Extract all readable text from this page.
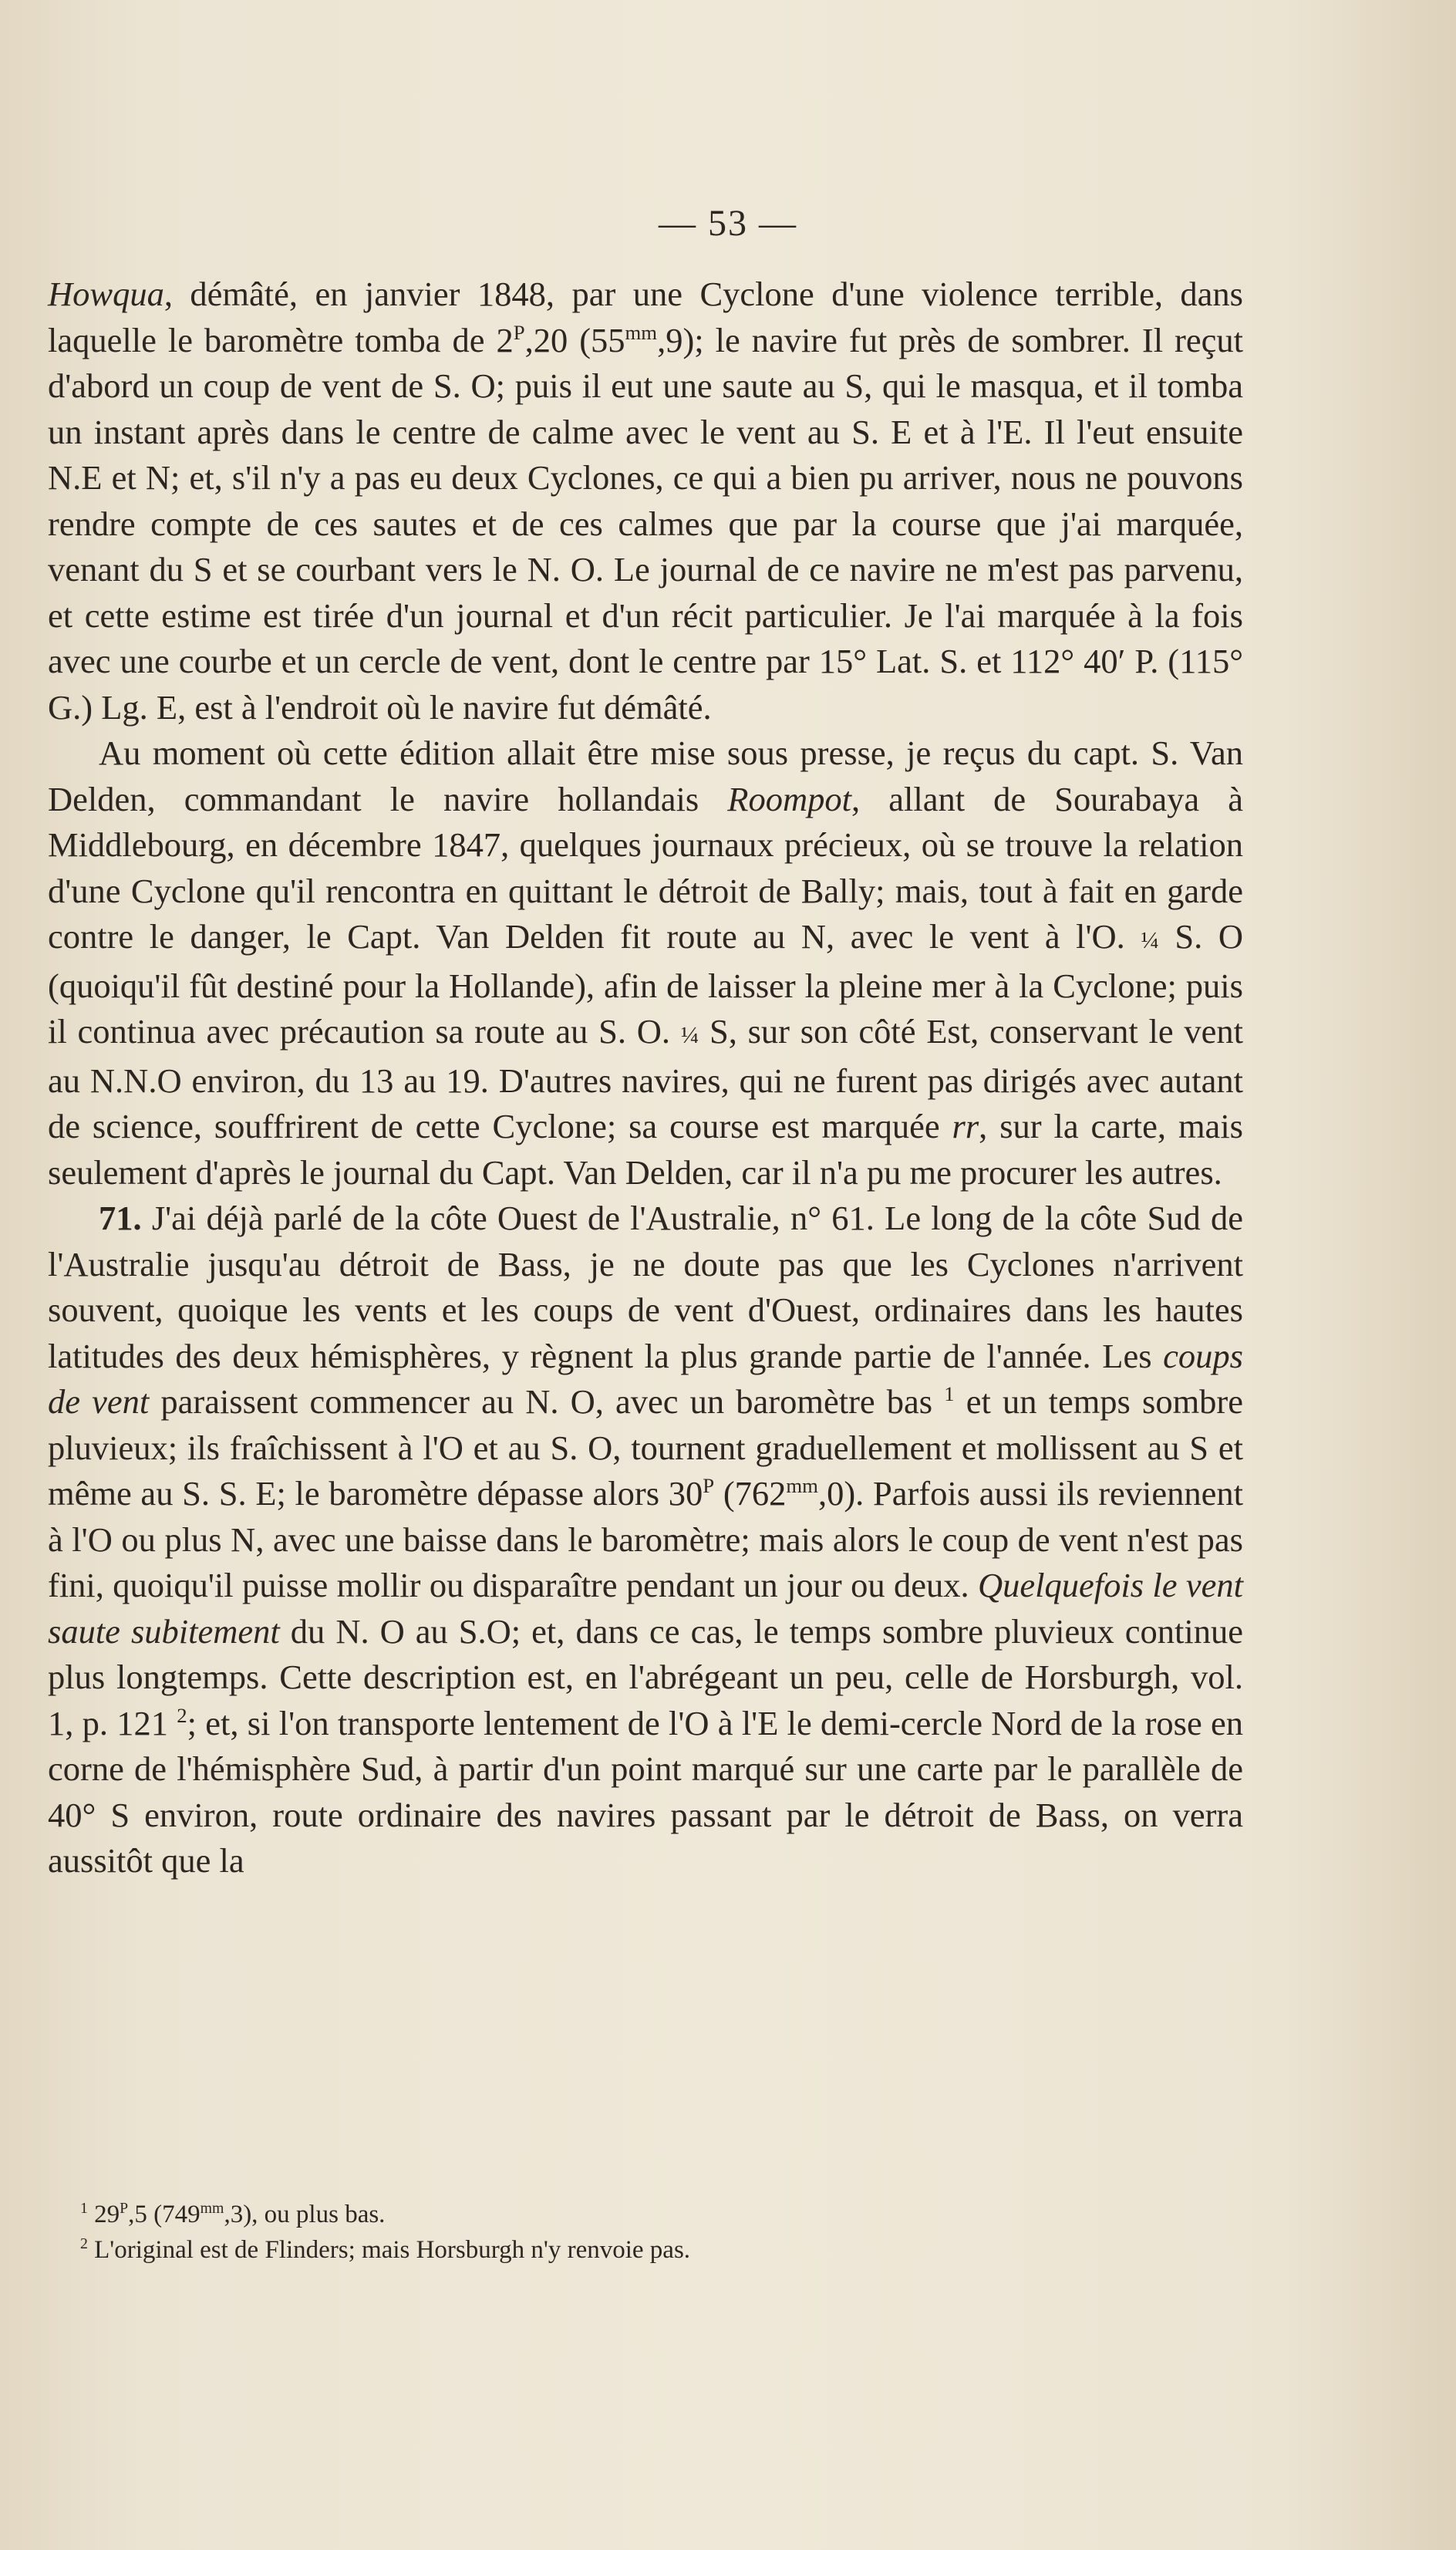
— 53 —

Howqua, démâté, en janvier 1848, par une Cyclone d'une violence terrible, dans laquelle le baromètre tomba de $2^P,20$ $(55^{mm},9)$; le navire fut près de sombrer. Il reçut d'abord un coup de vent de S. O; puis il eut une saute au S, qui le masqua, et il tomba un instant après dans le centre de calme avec le vent au S. E et à l'E. Il l'eut ensuite N.E et N; et, s'il n'y a pas eu deux Cyclones, ce qui a bien pu arriver, nous ne pouvons rendre compte de ces sautes et de ces calmes que par la course que j'ai marquée, venant du S et se courbant vers le N. O. Le journal de ce navire ne m'est pas parvenu, et cette estime est tirée d'un journal et d'un récit particulier. Je l'ai marquée à la fois avec une courbe et un cercle de vent, dont le centre par 15° Lat. S. et 112° 40′ P. (115° G.) Lg. E, est à l'endroit où le navire fut démâté.

Au moment où cette édition allait être mise sous presse, je reçus du capt. S. Van Delden, commandant le navire hollandais Roompot, allant de Sourabaya à Middlebourg, en décembre 1847, quelques journaux précieux, où se trouve la relation d'une Cyclone qu'il rencontra en quittant le détroit de Bally; mais, tout à fait en garde contre le danger, le Capt. Van Delden fit route au N, avec le vent à l'O. ¼ S. O (quoiqu'il fût destiné pour la Hollande), afin de laisser la pleine mer à la Cyclone; puis il continua avec précaution sa route au S. O. ¼ S, sur son côté Est, conservant le vent au N.N.O environ, du 13 au 19. D'autres navires, qui ne furent pas dirigés avec autant de science, souffrirent de cette Cyclone; sa course est marquée rr, sur la carte, mais seulement d'après le journal du Capt. Van Delden, car il n'a pu me procurer les autres.

71. J'ai déjà parlé de la côte Ouest de l'Australie, n° 61. Le long de la côte Sud de l'Australie jusqu'au détroit de Bass, je ne doute pas que les Cyclones n'arrivent souvent, quoique les vents et les coups de vent d'Ouest, ordinaires dans les hautes latitudes des deux hémisphères, y règnent la plus grande partie de l'année. Les coups de vent paraissent commencer au N. O, avec un baromètre bas $^1$ et un temps sombre pluvieux; ils fraîchissent à l'O et au S. O, tournent graduellement et mollissent au S et même au S. S. E; le baromètre dépasse alors $30^P$ $(762^{mm},0)$. Parfois aussi ils reviennent à l'O ou plus N, avec une baisse dans le baromètre; mais alors le coup de vent n'est pas fini, quoiqu'il puisse mollir ou disparaître pendant un jour ou deux. Quelquefois le vent saute subitement du N. O au S.O; et, dans ce cas, le temps sombre pluvieux continue plus longtemps. Cette description est, en l'abrégeant un peu, celle de Horsburgh, vol. 1, p. 121 $^2$; et, si l'on transporte lentement de l'O à l'E le demi-cercle Nord de la rose en corne de l'hémisphère Sud, à partir d'un point marqué sur une carte par le parallèle de 40° S environ, route ordinaire des navires passant par le détroit de Bass, on verra aussitôt que la

$^1$ $29^P,5$ $(749^{mm},3)$, ou plus bas.

$^2$ L'original est de Flinders; mais Horsburgh n'y renvoie pas.
